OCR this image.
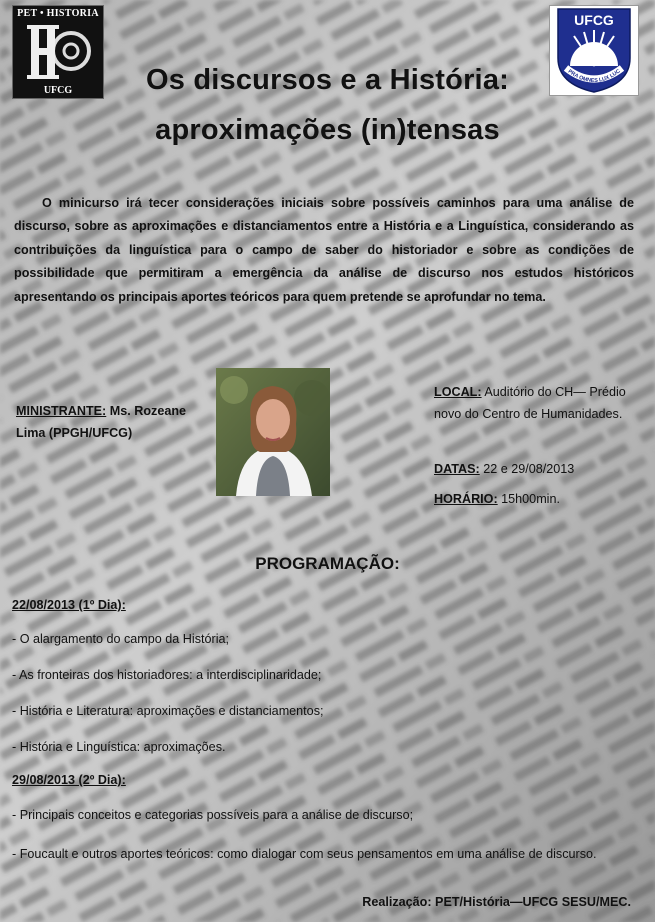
PET • HISTORIA
UFCG
UFCG
PRA OMNES LUX LUC
Os discursos e a História:
aproximações (in)tensas
O minicurso irá tecer considerações iniciais sobre possíveis caminhos para uma análise de discurso, sobre as aproximações e distanciamentos entre a História e a Linguística, considerando as contribuições da linguística para o campo de saber do historiador e sobre as condições de possibilidade que permitiram a emergência da análise de discurso nos estudos históricos apresentando os principais aportes teóricos para quem pretende se aprofundar no tema.
MINISTRANTE: Ms. Rozeane Lima (PPGH/UFCG)
LOCAL: Auditório do CH— Prédio novo do Centro de Humanidades.
DATAS: 22 e 29/08/2013
HORÁRIO: 15h00min.
PROGRAMAÇÃO:
22/08/2013 (1º Dia):
- O alargamento do campo da História;
- As fronteiras dos historiadores: a interdisciplinaridade;
- História e Literatura: aproximações e distanciamentos;
- História e Linguística: aproximações.
29/08/2013 (2º Dia):
- Principais conceitos e categorias possíveis para a análise de discurso;
- Foucault e outros aportes teóricos: como dialogar com seus pensamentos em uma análise de discurso.
Realização: PET/História—UFCG SESU/MEC.
